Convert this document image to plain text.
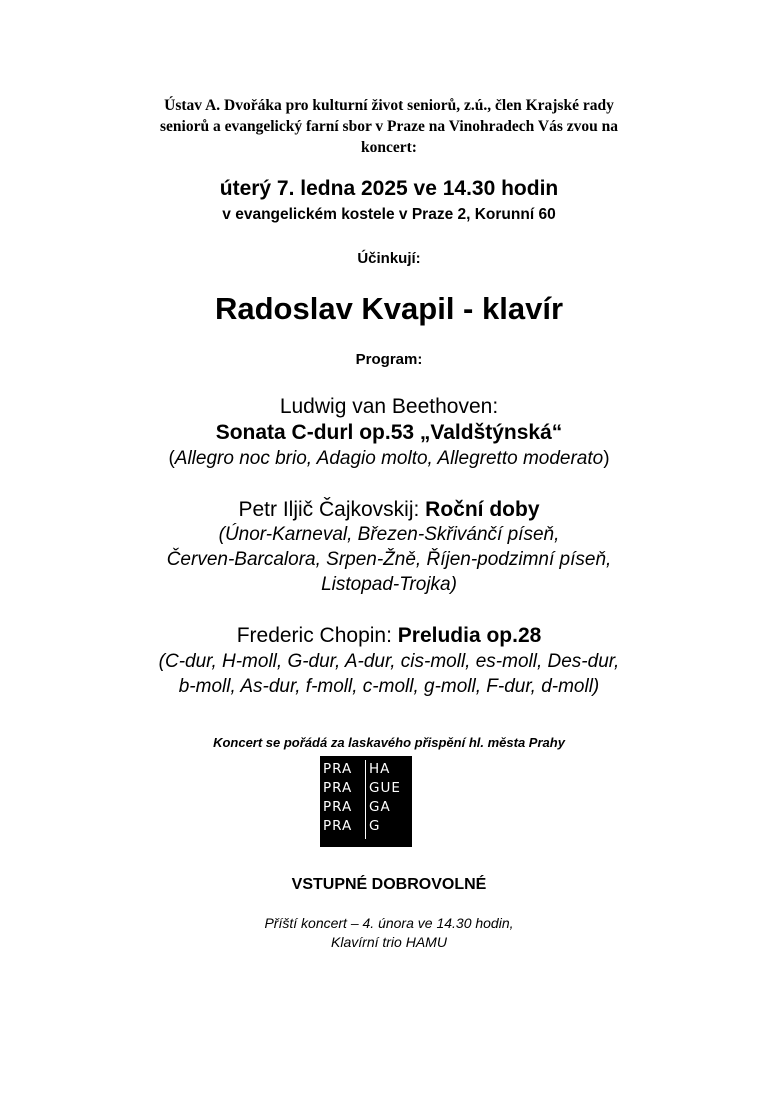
Ústav A. Dvořáka pro kulturní život seniorů, z.ú., člen Krajské rady
seniorů a evangelický farní sbor v Praze na Vinohradech Vás zvou na
koncert:
úterý 7. ledna 2025 ve 14.30 hodin
v evangelickém kostele v Praze 2, Korunní 60
Účinkují:
Radoslav Kvapil - klavír
Program:
Ludwig van Beethoven:
Sonata C-durl op.53 „Valdštýnská“
(Allegro noc brio, Adagio molto, Allegretto moderato)
Petr Iljič Čajkovskij: Roční doby
(Únor-Karneval, Březen-Skřivánčí píseň,
Červen-Barcalora, Srpen-Žně, Říjen-podzimní píseň,
Listopad-Trojka)
Frederic Chopin: Preludia op.28
(C-dur, H-moll, G-dur, A-dur, cis-moll, es-moll, Des-dur,
b-moll, As-dur, f-moll, c-moll, g-moll, F-dur, d-moll)
Koncert se pořádá za laskavého přispění hl. města Prahy
PRA HA
PRA GUE
PRA GA
PRA G
VSTUPNÉ DOBROVOLNÉ
Příští koncert – 4. února ve 14.30 hodin,
Klavírní trio HAMU
